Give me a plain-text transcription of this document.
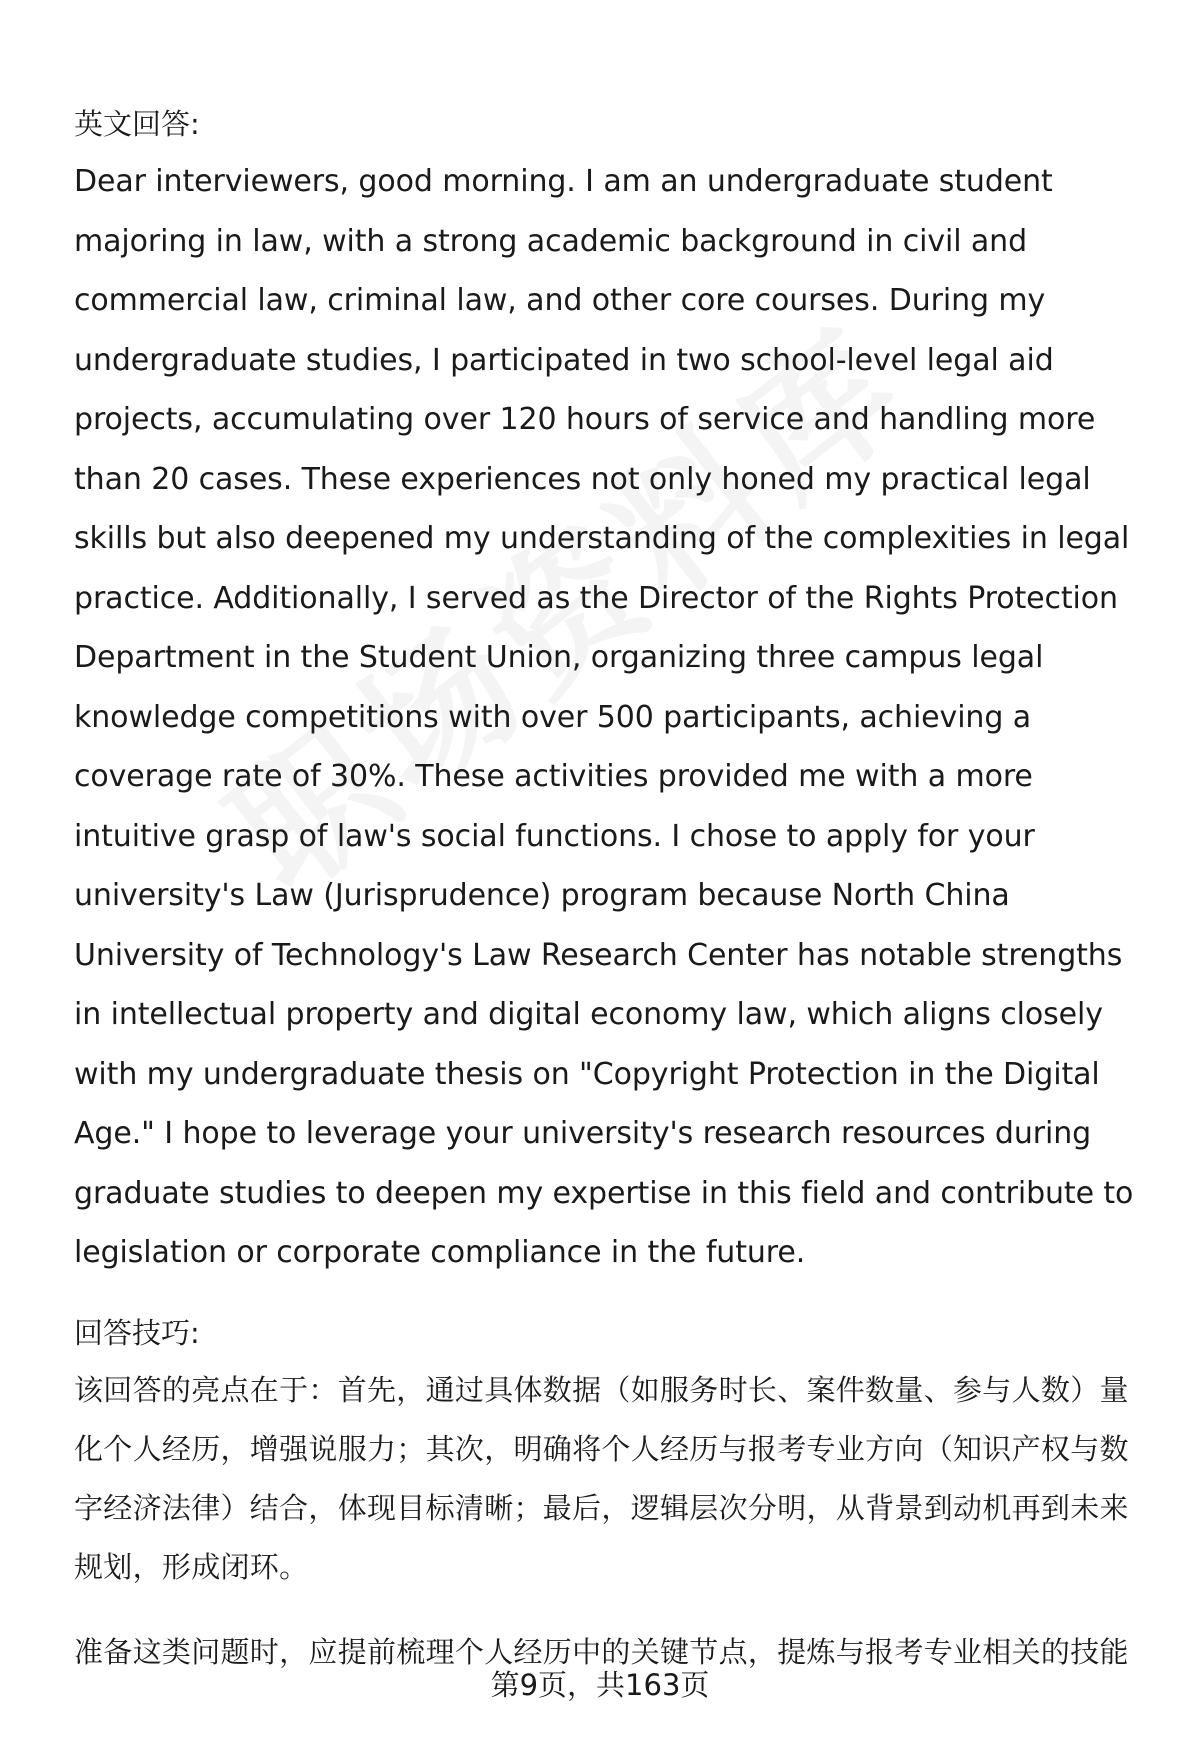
英文回答:

Dear interviewers, good morning. I am an undergraduate student majoring in law, with a strong academic background in civil and commercial law, criminal law, and other core courses. During my undergraduate studies, I participated in two school-level legal aid projects, accumulating over 120 hours of service and handling more than 20 cases. These experiences not only honed my practical legal skills but also deepened my understanding of the complexities in legal practice. Additionally, I served as the Director of the Rights Protection Department in the Student Union, organizing three campus legal knowledge competitions with over 500 participants, achieving a coverage rate of 30%. These activities provided me with a more intuitive grasp of law's social functions. I chose to apply for your university's Law (Jurisprudence) program because North China University of Technology's Law Research Center has notable strengths in intellectual property and digital economy law, which aligns closely with my undergraduate thesis on "Copyright Protection in the Digital Age." I hope to leverage your university's research resources during graduate studies to deepen my expertise in this field and contribute to legislation or corporate compliance in the future.

回答技巧:

该回答的亮点在于：首先，通过具体数据（如服务时长、案件数量、参与人数）量化个人经历，增强说服力；其次，明确将个人经历与报考专业方向（知识产权与数字经济法律）结合，体现目标清晰；最后，逻辑层次分明，从背景到动机再到未来规划，形成闭环。

准备这类问题时，应提前梳理个人经历中的关键节点，提炼与报考专业相关的技能

第9页，共163页
